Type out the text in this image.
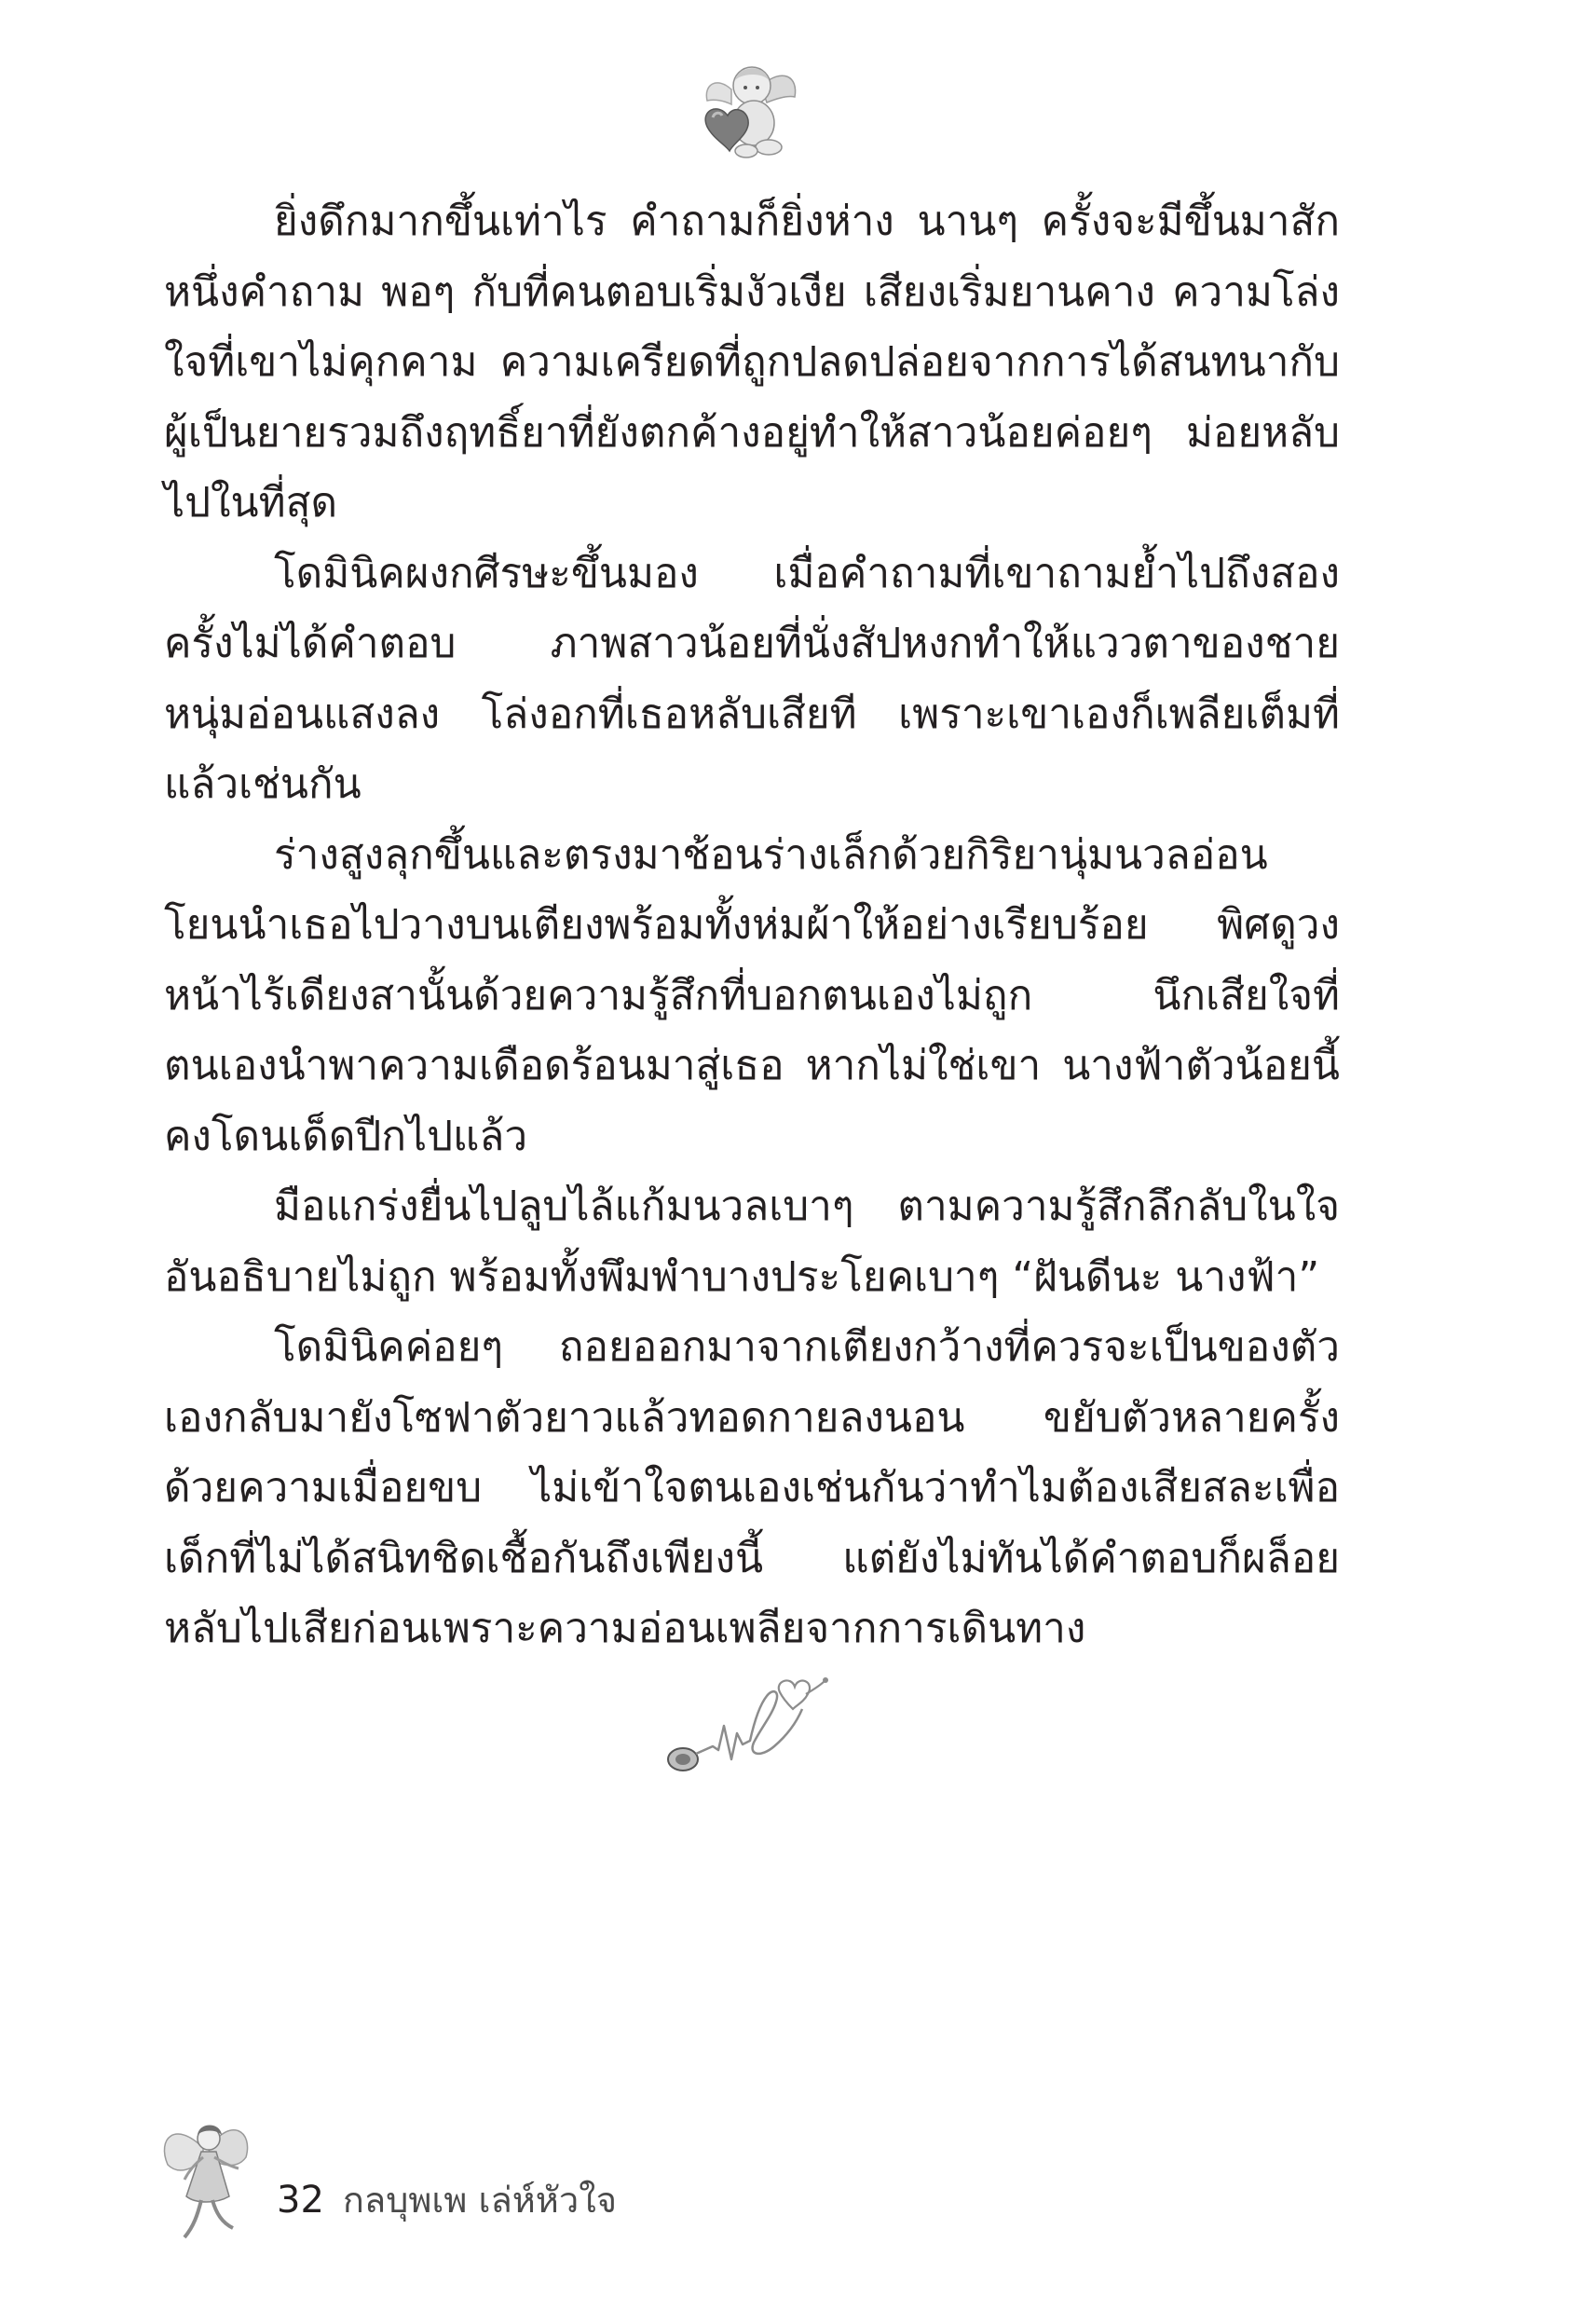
ยิ่งดึกมากขึ้นเท่าไร คำถามก็ยิ่งห่าง นานๆ ครั้งจะมีขึ้นมาสักหนึ่งคำถาม พอๆ กับที่คนตอบเริ่มงัวเงีย เสียงเริ่มยานคาง ความโล่งใจที่เขาไม่คุกคาม ความเครียดที่ถูกปลดปล่อยจากการได้สนทนากับผู้เป็นยายรวมถึงฤทธิ์ยาที่ยังตกค้างอยู่ทำให้สาวน้อยค่อยๆ ม่อยหลับไปในที่สุด

โดมินิคผงกศีรษะขึ้นมอง เมื่อคำถามที่เขาถามย้ำไปถึงสองครั้งไม่ได้คำตอบ ภาพสาวน้อยที่นั่งสัปหงกทำให้แววตาของชายหนุ่มอ่อนแสงลง โล่งอกที่เธอหลับเสียที เพราะเขาเองก็เพลียเต็มที่แล้วเช่นกัน

ร่างสูงลุกขึ้นและตรงมาช้อนร่างเล็กด้วยกิริยานุ่มนวลอ่อนโยนนำเธอไปวางบนเตียงพร้อมทั้งห่มผ้าให้อย่างเรียบร้อย พิศดูวงหน้าไร้เดียงสานั้นด้วยความรู้สึกที่บอกตนเองไม่ถูก นึกเสียใจที่ตนเองนำพาความเดือดร้อนมาสู่เธอ หากไม่ใช่เขา นางฟ้าตัวน้อยนี้คงโดนเด็ดปีกไปแล้ว

มือแกร่งยื่นไปลูบไล้แก้มนวลเบาๆ ตามความรู้สึกลึกลับในใจอันอธิบายไม่ถูก พร้อมทั้งพึมพำบางประโยคเบาๆ “ฝันดีนะ นางฟ้า”

โดมินิคค่อยๆ ถอยออกมาจากเตียงกว้างที่ควรจะเป็นของตัวเองกลับมายังโซฟาตัวยาวแล้วทอดกายลงนอน ขยับตัวหลายครั้งด้วยความเมื่อยขบ ไม่เข้าใจตนเองเช่นกันว่าทำไมต้องเสียสละเพื่อเด็กที่ไม่ได้สนิทชิดเชื้อกันถึงเพียงนี้ แต่ยังไม่ทันได้คำตอบก็ผล็อยหลับไปเสียก่อนเพราะความอ่อนเพลียจากการเดินทาง

32 กลบุพเพ เล่ห์หัวใจ
